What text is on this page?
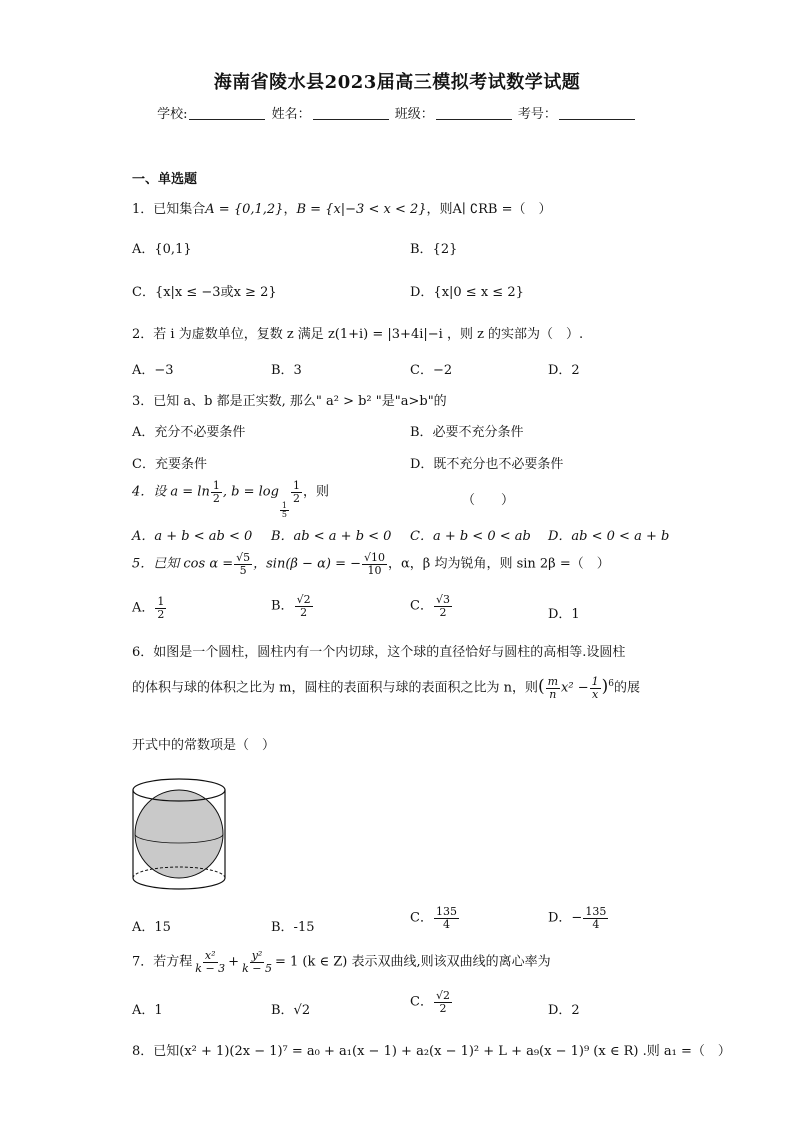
海南省陵水县2023届高三模拟考试数学试题
学校:	姓名：	班级：	考号：
一、单选题
1．已知集合A = {0,1,2}，B = {x|−3 < x < 2}，则A∣ ∁RB =（　）
A．{0,1}	B．{2}
C．{x|x ≤ −3或x ≥ 2}	D．{x|0 ≤ x ≤ 2}
2．若 i 为虚数单位，复数 z 满足 z(1+i) = |3+4i|−i ，则 z 的实部为（　）.
A．−3	B．3	C．−2	D．2
3．已知 a、b 都是正实数, 那么" a² > b² "是"a>b"的
A．充分不必要条件	B．必要不充分条件
C．充要条件	D．既不充分也不必要条件
4．设 $a = \ln \frac{1}{2}$ , b = log
$\frac{1}{5}$
$\frac{1}{2}$ ，则
（　　）
A．a + b < ab < 0 B．ab < a + b < 0 C．a + b < 0 < ab D．ab < 0 < a + b
5．已知 $\cos \alpha = \frac{√5}{5}$ ，sin(β − α) = − $\frac{√10}{10}$ ，α，β 均为锐角，则 sin 2β =（　）
A． $\frac{1}{2}$	B． $\frac{√2}{2}$	C． $\frac{√3}{2}$	D．1
6．如图是一个圆柱，圆柱内有一个内切球，这个球的直径恰好与圆柱的高相等.设圆柱
的体积与球的体积之比为 m，圆柱的表面积与球的表面积之比为 n，则( $\frac{m}{n} x^2 - \frac{1}{x} )^6$的展
开式中的常数项是（　）
A．15	B．-15
C． $\frac{135}{4}$	D．− $\frac{135}{4}$
7．若方程 $\frac{\text{x²}}{k - 3} + \frac{\text{y²}}{k - 5} = 1$ (k ∈ Z) 表示双曲线,则该双曲线的离心率为
A．1	B．√2
C． $\frac{√2}{2}$	D．2
8．已知(x² + 1)(2x − 1)⁷ = a₀ + a₁(x − 1) + a₂(x − 1)² + L + a₉(x − 1)⁹ (x ∈ R) .则 a₁ =（　）
